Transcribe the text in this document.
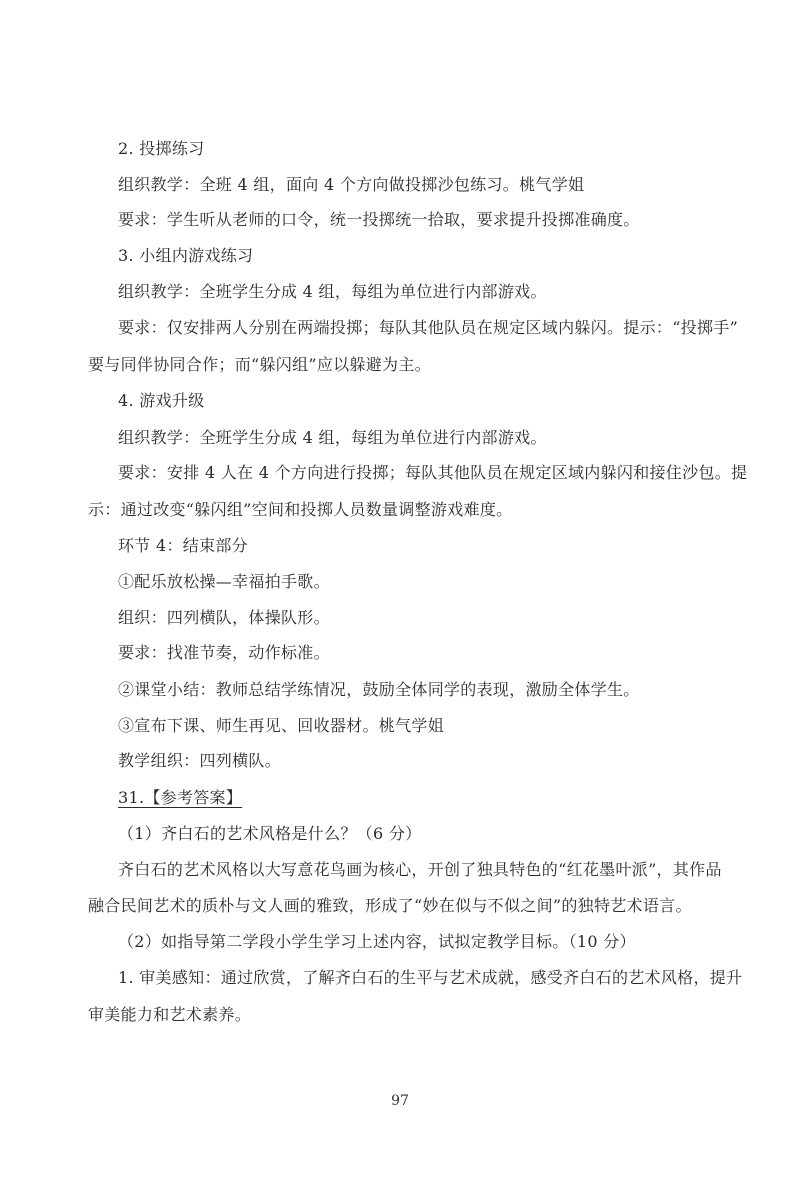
2. 投掷练习
组织教学：全班 4 组，面向 4 个方向做投掷沙包练习。桃气学姐
要求：学生听从老师的口令，统一投掷统一拾取，要求提升投掷准确度。
3. 小组内游戏练习
组织教学：全班学生分成 4 组，每组为单位进行内部游戏。
要求：仅安排两人分别在两端投掷；每队其他队员在规定区域内躲闪。提示：“投掷手”
要与同伴协同合作；而“躲闪组”应以躲避为主。
4. 游戏升级
组织教学：全班学生分成 4 组，每组为单位进行内部游戏。
要求：安排 4 人在 4 个方向进行投掷；每队其他队员在规定区域内躲闪和接住沙包。提
示：通过改变“躲闪组”空间和投掷人员数量调整游戏难度。
环节 4：结束部分
①配乐放松操—幸福拍手歌。
组织：四列横队，体操队形。
要求：找准节奏，动作标准。
②课堂小结：教师总结学练情况，鼓励全体同学的表现，激励全体学生。
③宣布下课、师生再见、回收器材。桃气学姐
教学组织：四列横队。
31.【参考答案】
（1）齐白石的艺术风格是什么？（6 分）
齐白石的艺术风格以大写意花鸟画为核心，开创了独具特色的“红花墨叶派”，其作品
融合民间艺术的质朴与文人画的雅致，形成了“妙在似与不似之间”的独特艺术语言。
（2）如指导第二学段小学生学习上述内容，试拟定教学目标。（10 分）
1. 审美感知：通过欣赏，了解齐白石的生平与艺术成就，感受齐白石的艺术风格，提升
审美能力和艺术素养。
97
